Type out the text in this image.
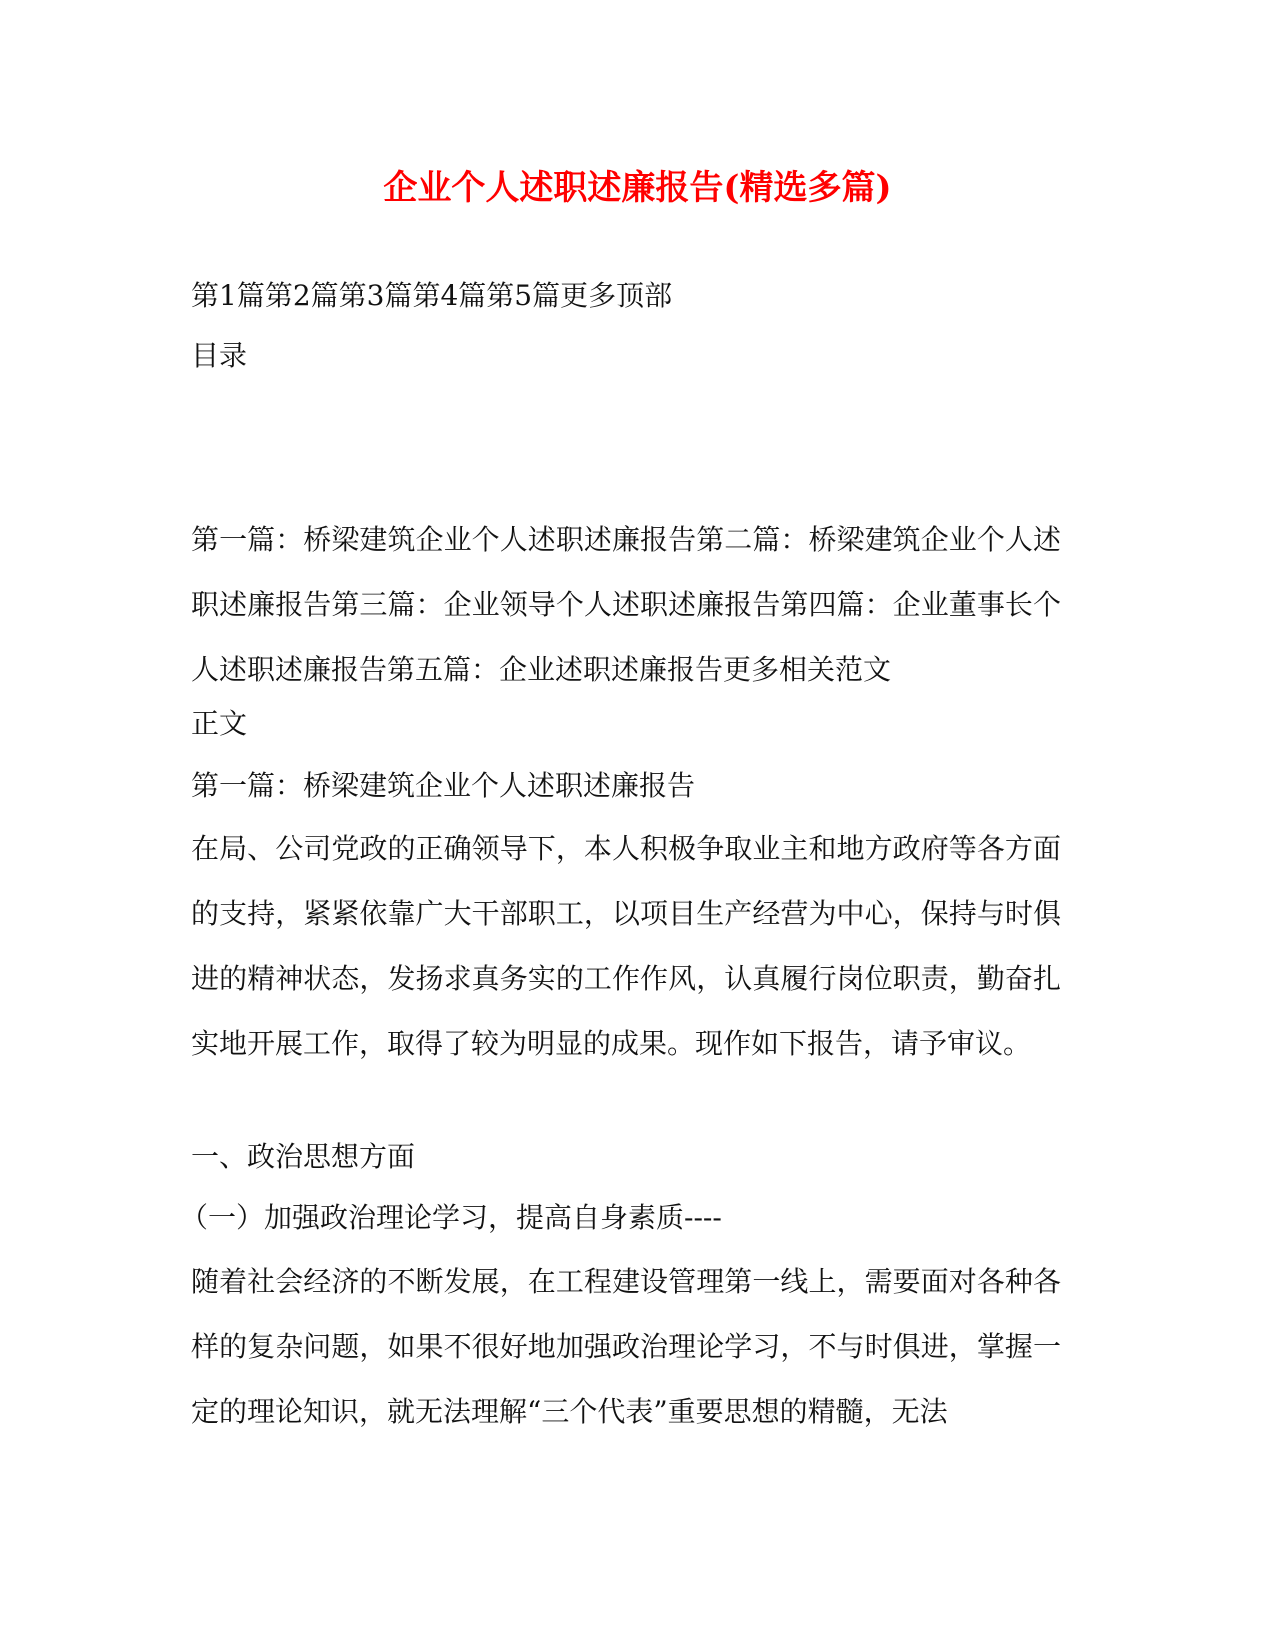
企业个人述职述廉报告(精选多篇)
第1篇第2篇第3篇第4篇第5篇更多顶部
目录
第一篇：桥梁建筑企业个人述职述廉报告第二篇：桥梁建筑企业个人述职述廉报告第三篇：企业领导个人述职述廉报告第四篇：企业董事长个人述职述廉报告第五篇：企业述职述廉报告更多相关范文
正文
第一篇：桥梁建筑企业个人述职述廉报告
在局、公司党政的正确领导下，本人积极争取业主和地方政府等各方面的支持，紧紧依靠广大干部职工，以项目生产经营为中心，保持与时俱进的精神状态，发扬求真务实的工作作风，认真履行岗位职责，勤奋扎实地开展工作，取得了较为明显的成果。现作如下报告，请予审议。
一、政治思想方面
（一）加强政治理论学习，提高自身素质----
随着社会经济的不断发展，在工程建设管理第一线上，需要面对各种各样的复杂问题，如果不很好地加强政治理论学习，不与时俱进，掌握一定的理论知识，就无法理解“三个代表”重要思想的精髓，无法
